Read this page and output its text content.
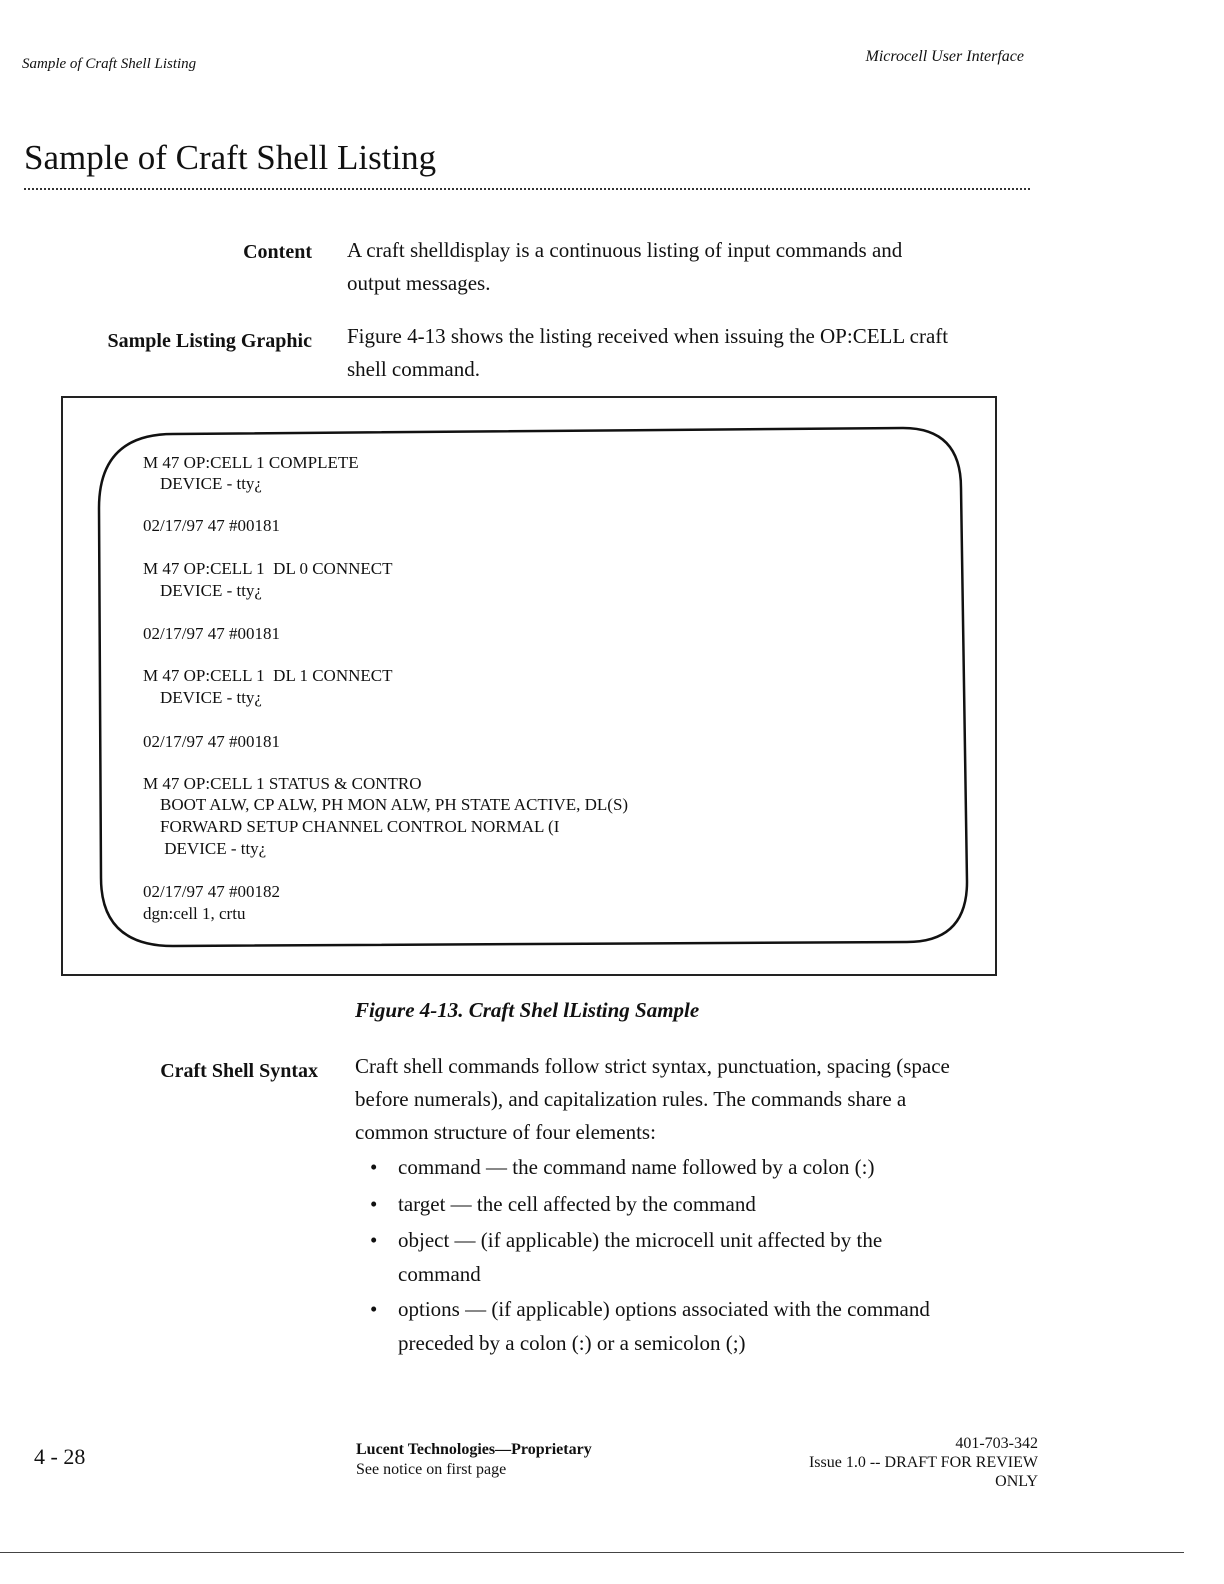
Sample of Craft Shell Listing	Microcell User Interface
Sample of Craft Shell Listing
Content A craft shelldisplay is a continuous listing of input commands and
output messages.
Sample Listing Graphic Figure 4-13 shows the listing received when issuing the OP:CELL craft
shell command.
M 47 OP:CELL 1 COMPLETE
DEVICE - tty¿
02/17/97 47 #00181
M 47 OP:CELL 1  DL 0 CONNECT
DEVICE - tty¿
02/17/97 47 #00181
M 47 OP:CELL 1  DL 1 CONNECT
DEVICE - tty¿
02/17/97 47 #00181
M 47 OP:CELL 1 STATUS & CONTRO
BOOT ALW, CP ALW, PH MON ALW, PH STATE ACTIVE, DL(S)
FORWARD SETUP CHANNEL CONTROL NORMAL (I
DEVICE - tty¿
02/17/97 47 #00182
dgn:cell 1, crtu
Figure 4-13. Craft Shel lListing Sample
Craft Shell Syntax Craft shell commands follow strict syntax, punctuation, spacing (space
before numerals), and capitalization rules. The commands share a
common structure of four elements:
• command — the command name followed by a colon (:)
• target — the cell affected by the command
• object — (if applicable) the microcell unit affected by the
command
• options — (if applicable) options associated with the command
preceded by a colon (:) or a semicolon (;)
4 - 28	Lucent Technologies—Proprietary
See notice on first page
401-703-342
Issue 1.0 -- DRAFT FOR REVIEW
ONLY
